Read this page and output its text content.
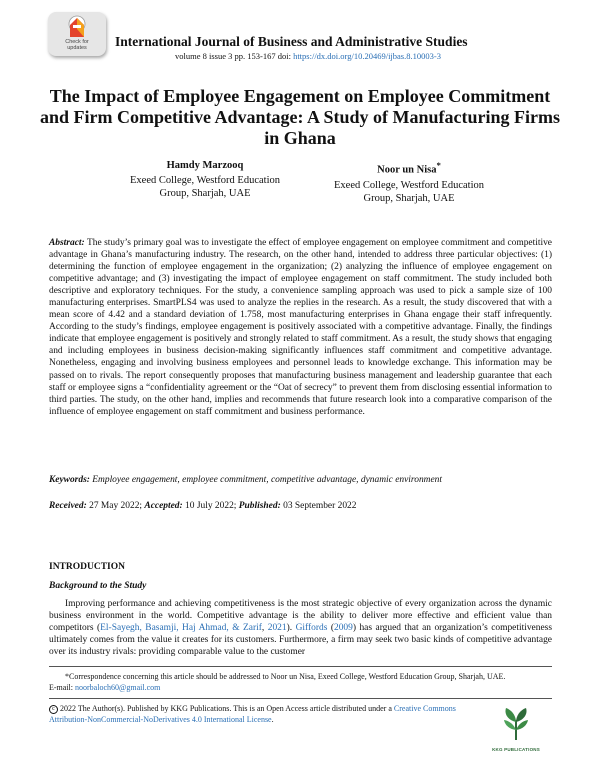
Check for
updates	International Journal of Business and Administrative Studies
volume 8 issue 3 pp. 153-167 doi: https://dx.doi.org/10.20469/ijbas.8.10003-3
The Impact of Employee Engagement on Employee Commitment and Firm Competitive Advantage: A Study of Manufacturing Firms in Ghana
Hamdy Marzooq
Exeed College, Westford Education
Group, Sharjah, UAE
Noor un Nisa*
Exeed College, Westford Education
Group, Sharjah, UAE
Abstract: The study’s primary goal was to investigate the effect of employee engagement on employee commitment and competitive advantage in Ghana’s manufacturing industry. The research, on the other hand, intended to address three particular objectives: (1) determining the function of employee engagement in the organization; (2) analyzing the influence of employee engagement on competitive advantage; and (3) investigating the impact of employee engagement on staff commitment. The study included both descriptive and exploratory techniques. For the study, a convenience sampling approach was used to pick a sample size of 100 manufacturing enterprises. SmartPLS4 was used to analyze the replies in the research. As a result, the study discovered that with a mean score of 4.42 and a standard deviation of 1.758, most manufacturing enterprises in Ghana engage their staff infrequently. According to the study’s findings, employee engagement is positively associated with a competitive advantage. Finally, the findings indicate that employee engagement is positively and strongly related to staff commitment. As a result, the study shows that engaging and including employees in business decision-making significantly influences staff commitment and competitive advantage. Nonetheless, engaging and involving business employees and personnel leads to knowledge exchange. This information may be passed on to rivals. The report consequently proposes that manufacturing business management and leadership guarantee that each staff or employee signs a “confidentiality agreement or the “Oat of secrecy” to prevent them from disclosing essential information to third parties. The study, on the other hand, implies and recommends that future research look into a comparative comparison of the influence of employee engagement on staff commitment and business performance.
Keywords: Employee engagement, employee commitment, competitive advantage, dynamic environment
Received: 27 May 2022; Accepted: 10 July 2022; Published: 03 September 2022
INTRODUCTION
Background to the Study
Improving performance and achieving competitiveness is the most strategic objective of every organization across the dynamic business environment in the world. Competitive advantage is the ability to deliver more effective and efficient value than competitors (El-Sayegh, Basamji, Haj Ahmad, & Zarif, 2021). Giffords (2009) has argued that an organization’s competitiveness ultimately comes from the value it creates for its customers. Furthermore, a firm may seek two basic kinds of competitive advantage over its industry rivals: providing comparable value to the customer
*Correspondence concerning this article should be addressed to Noor un Nisa, Exeed College, Westford Education Group, Sharjah, UAE.
E-mail: noorbaloch60@gmail.com
c 2022 The Author(s). Published by KKG Publications. This is an Open Access article distributed under a Creative Commons Attribution-NonCommercial-NoDerivatives 4.0 International License.
KKG PUBLICATIONS
